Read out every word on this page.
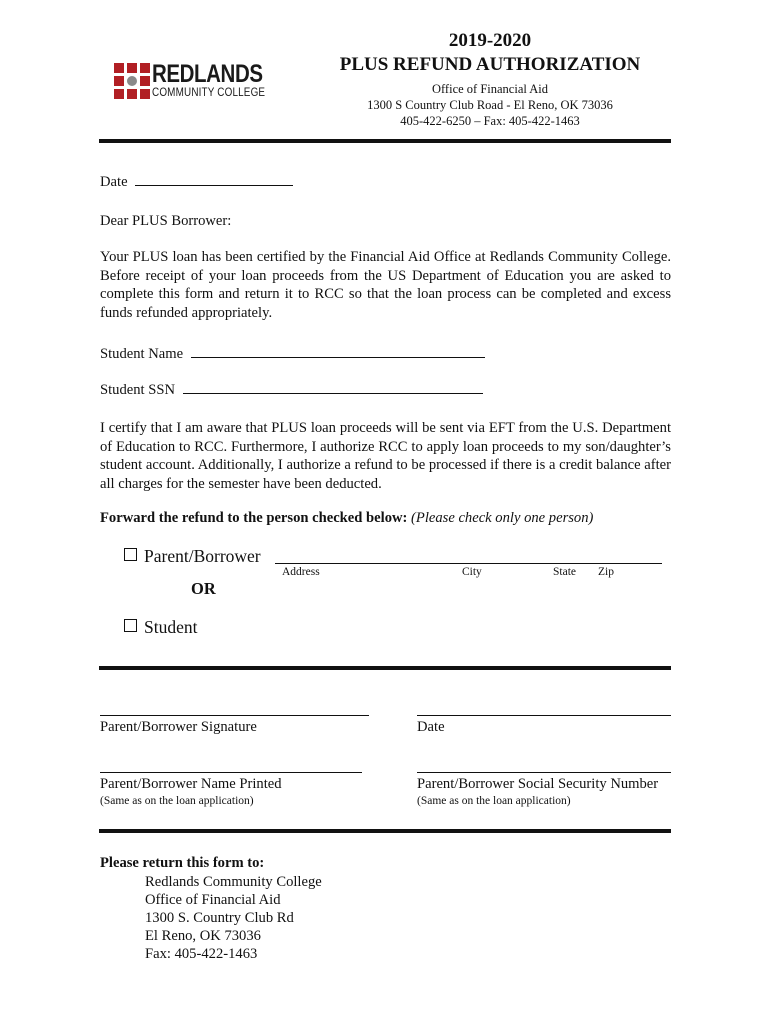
REDLANDS
COMMUNITY COLLEGE
2019-2020
PLUS REFUND AUTHORIZATION
Office of Financial Aid
1300 S Country Club Road - El Reno, OK 73036
405-422-6250 – Fax: 405-422-1463
Date
Dear PLUS Borrower:
Your PLUS loan has been certified by the Financial Aid Office at Redlands Community College. Before receipt of your loan proceeds from the US Department of Education you are asked to complete this form and return it to RCC so that the loan process can be completed and excess funds refunded appropriately.
Student Name
Student SSN
I certify that I am aware that PLUS loan proceeds will be sent via EFT from the U.S. Department of Education to RCC. Furthermore, I authorize RCC to apply loan proceeds to my son/daughter’s student account. Additionally, I authorize a refund to be processed if there is a credit balance after all charges for the semester have been deducted.
Forward the refund to the person checked below: (Please check only one person)
Parent/Borrower
Address	City	State Zip
OR
Student
Parent/Borrower Signature	Date
Parent/Borrower Name Printed	Parent/Borrower Social Security Number
(Same as on the loan application)	(Same as on the loan application)
Please return this form to:
Redlands Community College
Office of Financial Aid
1300 S. Country Club Rd
El Reno, OK 73036
Fax: 405-422-1463
